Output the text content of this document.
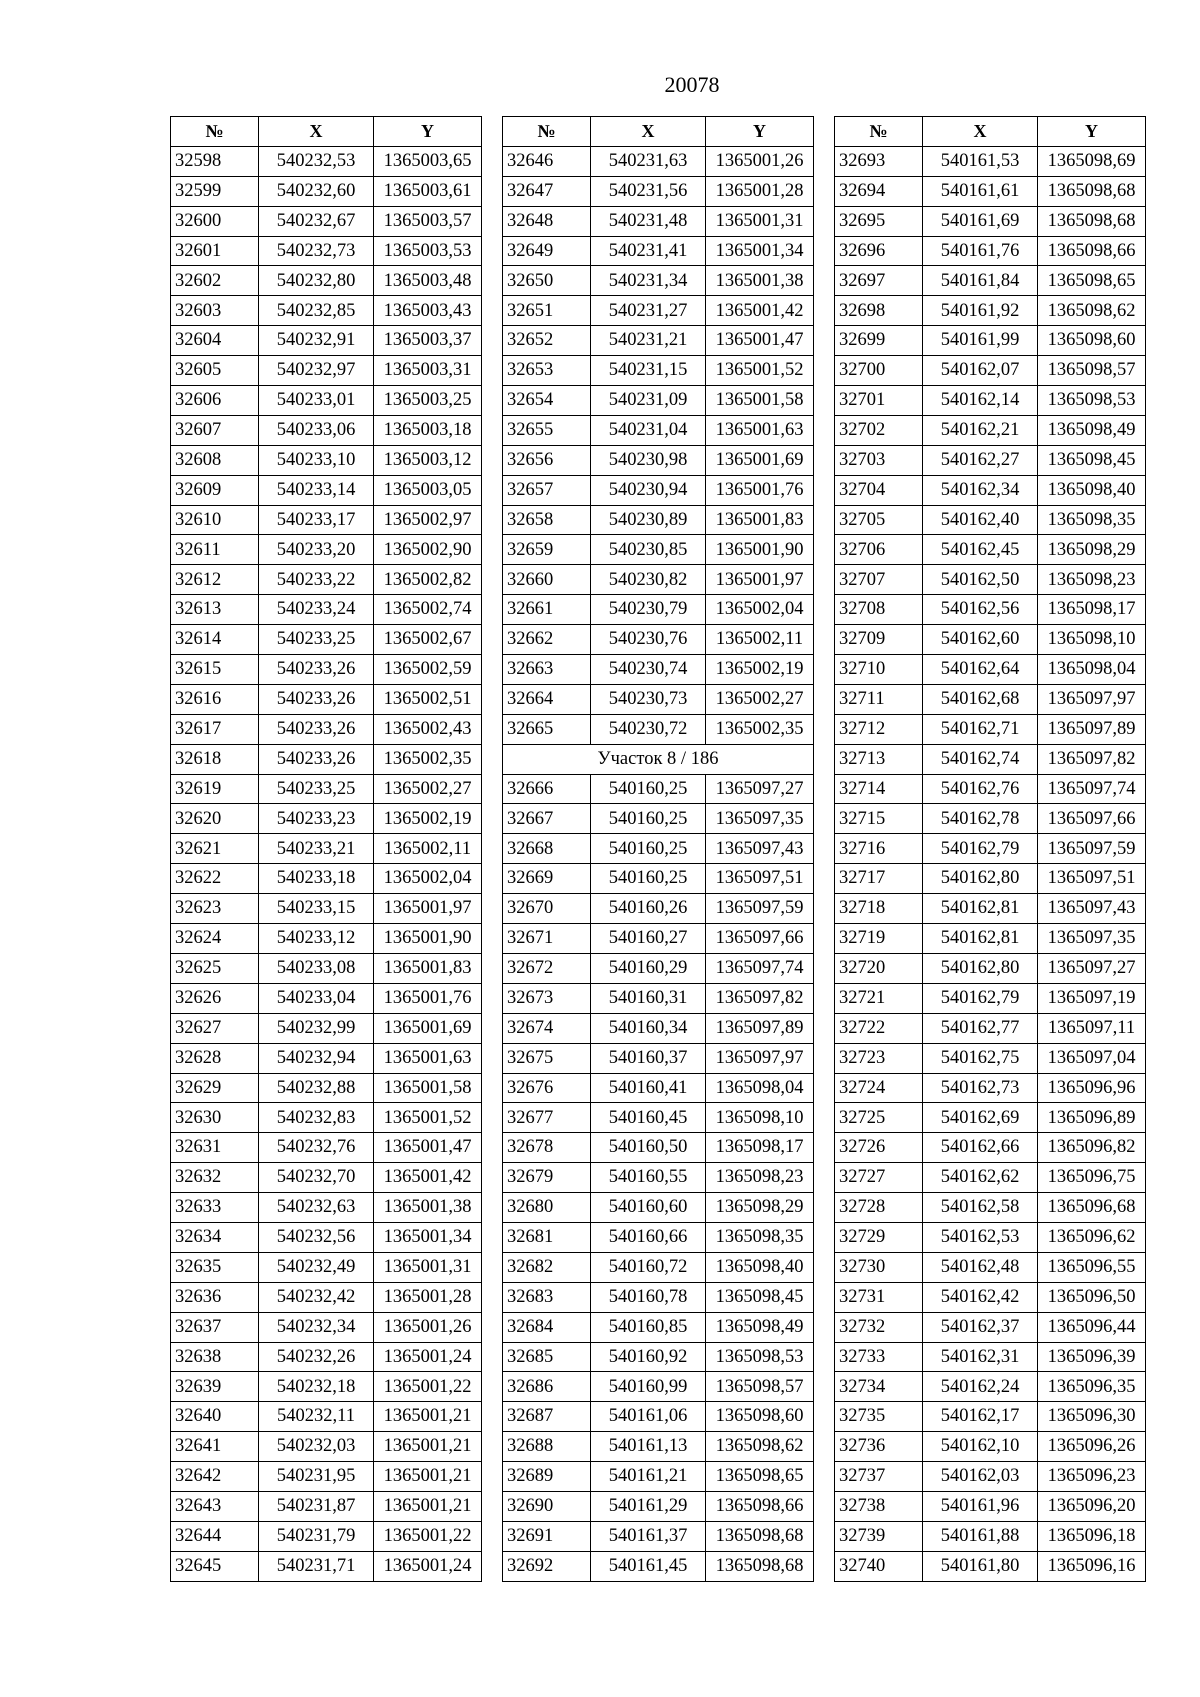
20078
№	X	Y
32598	540232,53	1365003,65
32599	540232,60	1365003,61
32600	540232,67	1365003,57
32601	540232,73	1365003,53
32602	540232,80	1365003,48
32603	540232,85	1365003,43
32604	540232,91	1365003,37
32605	540232,97	1365003,31
32606	540233,01	1365003,25
32607	540233,06	1365003,18
32608	540233,10	1365003,12
32609	540233,14	1365003,05
32610	540233,17	1365002,97
32611	540233,20	1365002,90
32612	540233,22	1365002,82
32613	540233,24	1365002,74
32614	540233,25	1365002,67
32615	540233,26	1365002,59
32616	540233,26	1365002,51
32617	540233,26	1365002,43
32618	540233,26	1365002,35
32619	540233,25	1365002,27
32620	540233,23	1365002,19
32621	540233,21	1365002,11
32622	540233,18	1365002,04
32623	540233,15	1365001,97
32624	540233,12	1365001,90
32625	540233,08	1365001,83
32626	540233,04	1365001,76
32627	540232,99	1365001,69
32628	540232,94	1365001,63
32629	540232,88	1365001,58
32630	540232,83	1365001,52
32631	540232,76	1365001,47
32632	540232,70	1365001,42
32633	540232,63	1365001,38
32634	540232,56	1365001,34
32635	540232,49	1365001,31
32636	540232,42	1365001,28
32637	540232,34	1365001,26
32638	540232,26	1365001,24
32639	540232,18	1365001,22
32640	540232,11	1365001,21
32641	540232,03	1365001,21
32642	540231,95	1365001,21
32643	540231,87	1365001,21
32644	540231,79	1365001,22
32645	540231,71	1365001,24
№	X	Y
32646	540231,63	1365001,26
32647	540231,56	1365001,28
32648	540231,48	1365001,31
32649	540231,41	1365001,34
32650	540231,34	1365001,38
32651	540231,27	1365001,42
32652	540231,21	1365001,47
32653	540231,15	1365001,52
32654	540231,09	1365001,58
32655	540231,04	1365001,63
32656	540230,98	1365001,69
32657	540230,94	1365001,76
32658	540230,89	1365001,83
32659	540230,85	1365001,90
32660	540230,82	1365001,97
32661	540230,79	1365002,04
32662	540230,76	1365002,11
32663	540230,74	1365002,19
32664	540230,73	1365002,27
32665	540230,72	1365002,35
Участок 8 / 186		
32666	540160,25	1365097,27
32667	540160,25	1365097,35
32668	540160,25	1365097,43
32669	540160,25	1365097,51
32670	540160,26	1365097,59
32671	540160,27	1365097,66
32672	540160,29	1365097,74
32673	540160,31	1365097,82
32674	540160,34	1365097,89
32675	540160,37	1365097,97
32676	540160,41	1365098,04
32677	540160,45	1365098,10
32678	540160,50	1365098,17
32679	540160,55	1365098,23
32680	540160,60	1365098,29
32681	540160,66	1365098,35
32682	540160,72	1365098,40
32683	540160,78	1365098,45
32684	540160,85	1365098,49
32685	540160,92	1365098,53
32686	540160,99	1365098,57
32687	540161,06	1365098,60
32688	540161,13	1365098,62
32689	540161,21	1365098,65
32690	540161,29	1365098,66
32691	540161,37	1365098,68
32692	540161,45	1365098,68
№	X	Y
32693	540161,53	1365098,69
32694	540161,61	1365098,68
32695	540161,69	1365098,68
32696	540161,76	1365098,66
32697	540161,84	1365098,65
32698	540161,92	1365098,62
32699	540161,99	1365098,60
32700	540162,07	1365098,57
32701	540162,14	1365098,53
32702	540162,21	1365098,49
32703	540162,27	1365098,45
32704	540162,34	1365098,40
32705	540162,40	1365098,35
32706	540162,45	1365098,29
32707	540162,50	1365098,23
32708	540162,56	1365098,17
32709	540162,60	1365098,10
32710	540162,64	1365098,04
32711	540162,68	1365097,97
32712	540162,71	1365097,89
32713	540162,74	1365097,82
32714	540162,76	1365097,74
32715	540162,78	1365097,66
32716	540162,79	1365097,59
32717	540162,80	1365097,51
32718	540162,81	1365097,43
32719	540162,81	1365097,35
32720	540162,80	1365097,27
32721	540162,79	1365097,19
32722	540162,77	1365097,11
32723	540162,75	1365097,04
32724	540162,73	1365096,96
32725	540162,69	1365096,89
32726	540162,66	1365096,82
32727	540162,62	1365096,75
32728	540162,58	1365096,68
32729	540162,53	1365096,62
32730	540162,48	1365096,55
32731	540162,42	1365096,50
32732	540162,37	1365096,44
32733	540162,31	1365096,39
32734	540162,24	1365096,35
32735	540162,17	1365096,30
32736	540162,10	1365096,26
32737	540162,03	1365096,23
32738	540161,96	1365096,20
32739	540161,88	1365096,18
32740	540161,80	1365096,16
